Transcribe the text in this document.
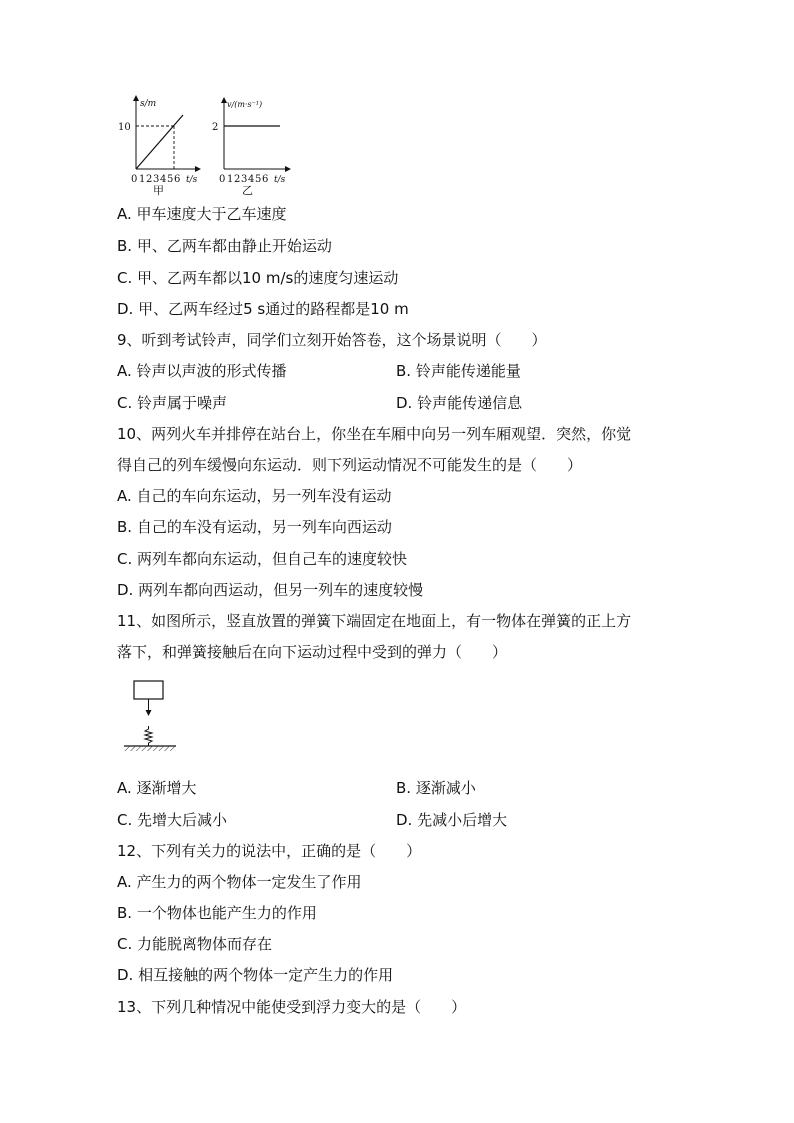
s/m
10
0 1 2 3 4 5 6 t/s
甲
v/(m·s⁻¹)
2
0 1 2 3 4 5 6 t/s
乙
A. 甲车速度大于乙车速度
B. 甲、乙两车都由静止开始运动
C. 甲、乙两车都以10 m/s的速度匀速运动
D. 甲、乙两车经过5 s通过的路程都是10 m
9、听到考试铃声，同学们立刻开始答卷，这个场景说明（　　）
A. 铃声以声波的形式传播	B. 铃声能传递能量
C. 铃声属于噪声	D. 铃声能传递信息
10、两列火车并排停在站台上，你坐在车厢中向另一列车厢观望．突然，你觉
得自己的列车缓慢向东运动．则下列运动情况不可能发生的是（　　）
A. 自己的车向东运动，另一列车没有运动
B. 自己的车没有运动，另一列车向西运动
C. 两列车都向东运动，但自己车的速度较快
D. 两列车都向西运动，但另一列车的速度较慢
11、如图所示，竖直放置的弹簧下端固定在地面上，有一物体在弹簧的正上方
落下，和弹簧接触后在向下运动过程中受到的弹力（　　）
A. 逐渐增大	B. 逐渐减小
C. 先增大后减小	D. 先减小后增大
12、下列有关力的说法中，正确的是（　　）
A. 产生力的两个物体一定发生了作用
B. 一个物体也能产生力的作用
C. 力能脱离物体而存在
D. 相互接触的两个物体一定产生力的作用
13、下列几种情况中能使受到浮力变大的是（　　）
